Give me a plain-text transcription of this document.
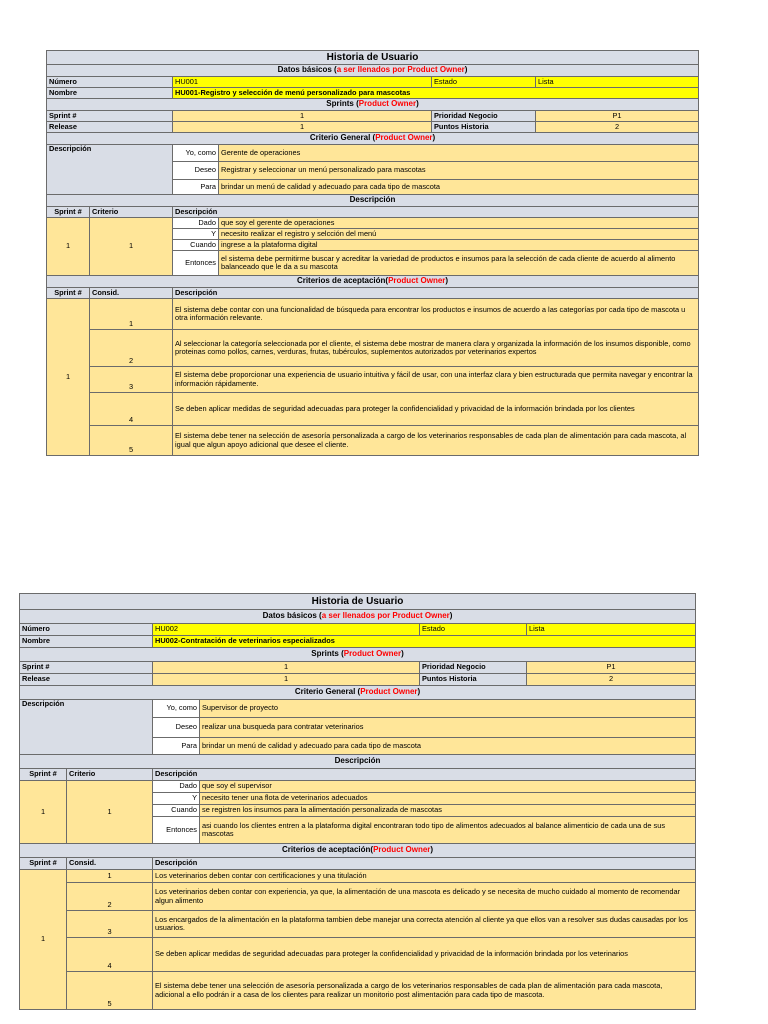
Historia de Usuario					
Datos básicos (a ser llenados por Product Owner)					
Número		HU001		Estado	Lista
Nombre		HU001-Registro y selección de menú personalizado para mascotas			
Sprints (Product Owner)					
Sprint #		1		Prioridad Negocio	P1
Release		1		Puntos Historia	2
Criterio General (Product Owner)					
Descripción		Yo, como	Gerente de operaciones		
		Deseo	Registrar y seleccionar un menú personalizado para mascotas		
		Para	brindar un menú de calidad y adecuado para cada tipo de mascota		
Descripción					
Sprint #	Criterio	Descripción			
1	1	Dado	que soy el gerente de operaciones		
		Y	necesito realizar el registro y selcción del menú		
		Cuando	ingrese a la plataforma digital		
		Entonces	el sistema debe permitirme buscar y acreditar la variedad de productos e insumos para la selección de cada cliente de acuerdo al alimento balanceado que le da a su mascota		
Criterios de aceptación(Product Owner)					
Sprint #	Consid.	Descripción			
1	1	El sistema debe contar con una funcionalidad de búsqueda para encontrar los productos e insumos de acuerdo a las categorías por cada tipo de mascota u otra información relevante.			
	2	Al seleccionar la categoría seleccionada por el cliente, el sistema debe mostrar de manera clara y organizada la información de los insumos disponible, como proteinas como pollos, carnes, verduras, frutas, tubérculos, suplementos autorizados por veterinarios expertos			
	3	El sistema debe proporcionar una experiencia de usuario intuitiva y fácil de usar, con una interfaz clara y bien estructurada que permita navegar y encontrar la información rápidamente.			
	4	Se deben aplicar medidas de seguridad adecuadas para proteger la confidencialidad y privacidad de la información brindada por los clientes			
	5	El sistema debe tener na selección de asesoría personalizada a cargo de los veterinarios responsables de cada plan de alimentación para cada mascota, al igual que algun apoyo adicional que desee el cliente.			
Historia de Usuario					
Datos básicos (a ser llenados por Product Owner)					
Número		HU002		Estado	Lista
Nombre		HU002-Contratación de veterinarios especializados			
Sprints (Product Owner)					
Sprint #		1		Prioridad Negocio	P1
Release		1		Puntos Historia	2
Criterio General (Product Owner)					
Descripción		Yo, como	Supervisor de proyecto		
		Deseo	realizar una busqueda para contratar veterinarios		
		Para	brindar un menú de calidad y adecuado para cada tipo de mascota		
Descripción					
Sprint #	Criterio	Descripción			
1	1	Dado	que soy el supervisor		
		Y	necesito tener una flota de veterinarios adecuados		
		Cuando	se registren los insumos para la alimentación personalizada de mascotas		
		Entonces	asi cuando los clientes entren a la plataforma digital encontraran todo tipo de alimentos adecuados al balance alimenticio de cada una de sus mascotas		
Criterios de aceptación(Product Owner)					
Sprint #	Consid.	Descripción			
1	1	Los veterinarios deben contar con certificaciones y una titulación			
	2	Los veterinarios deben contar con experiencia, ya que, la alimentación de una mascota es delicado y se necesita de mucho cuidado al momento de recomendar algun alimento			
	3	Los encargados de la alimentación en la plataforma tambien debe manejar una correcta atención al cliente ya que ellos van a resolver sus dudas causadas por los usuarios.			
	4	Se deben aplicar medidas de seguridad adecuadas para proteger la confidencialidad y privacidad de la información brindada por los veterinarios			
	5	El sistema debe tener una selección de asesoría personalizada a cargo de los veterinarios responsables de cada plan de alimentación para cada mascota, adicional a ello podrán ir a casa de los clientes para realizar un monitorio post alimentación para cada tipo de mascota.			
